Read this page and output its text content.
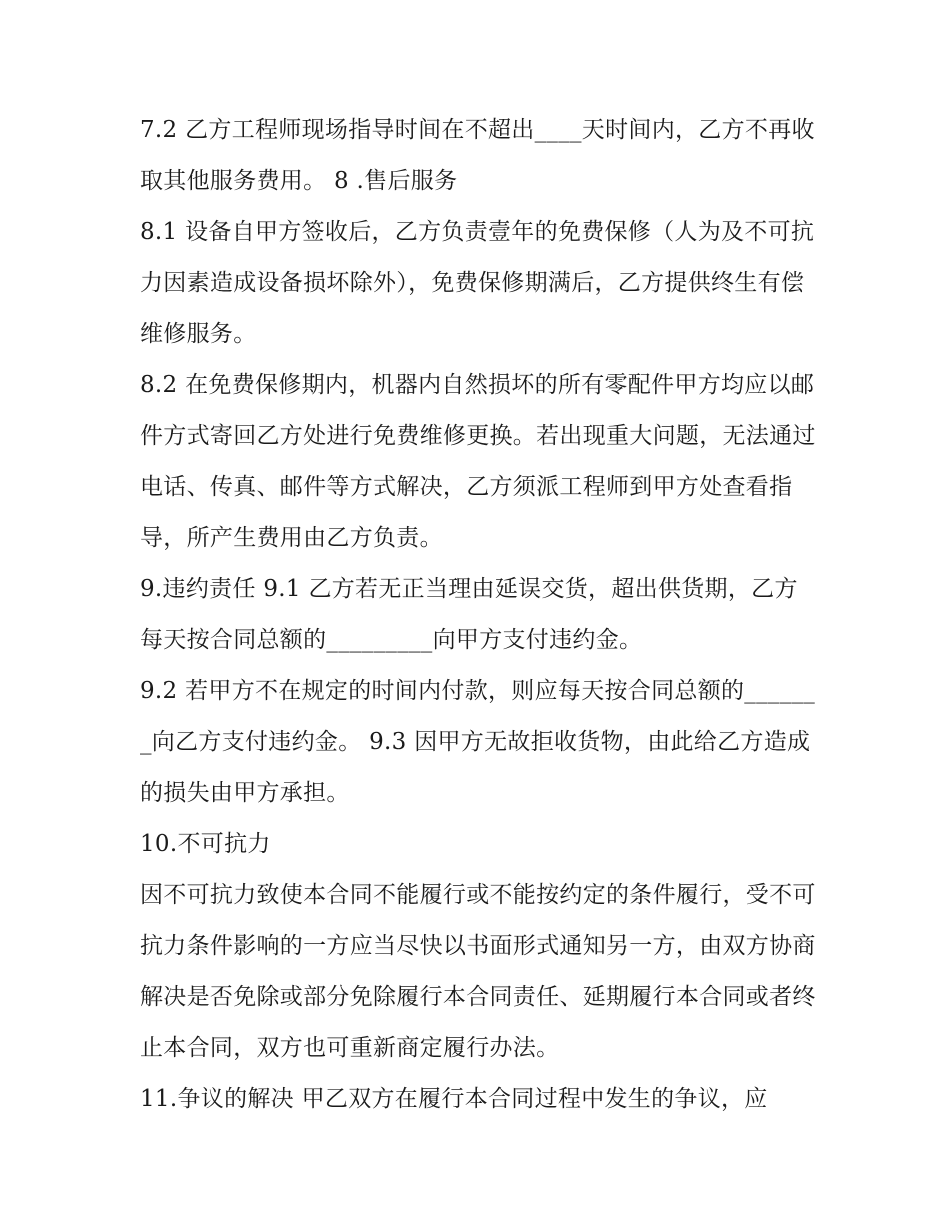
7.2 乙方工程师现场指导时间在不超出____天时间内，乙方不再收取其他服务费用。 8 .售后服务

8.1 设备自甲方签收后，乙方负责壹年的免费保修（人为及不可抗力因素造成设备损坏除外），免费保修期满后，乙方提供终生有偿维修服务。

8.2 在免费保修期内，机器内自然损坏的所有零配件甲方均应以邮件方式寄回乙方处进行免费维修更换。若出现重大问题，无法通过电话、传真、邮件等方式解决，乙方须派工程师到甲方处查看指导，所产生费用由乙方负责。

9.违约责任 9.1 乙方若无正当理由延误交货，超出供货期，乙方每天按合同总额的_________向甲方支付违约金。

9.2 若甲方不在规定的时间内付款，则应每天按合同总额的_______向乙方支付违约金。 9.3 因甲方无故拒收货物，由此给乙方造成的损失由甲方承担。

10.不可抗力

因不可抗力致使本合同不能履行或不能按约定的条件履行，受不可抗力条件影响的一方应当尽快以书面形式通知另一方，由双方协商解决是否免除或部分免除履行本合同责任、延期履行本合同或者终止本合同，双方也可重新商定履行办法。

11.争议的解决 甲乙双方在履行本合同过程中发生的争议，应
